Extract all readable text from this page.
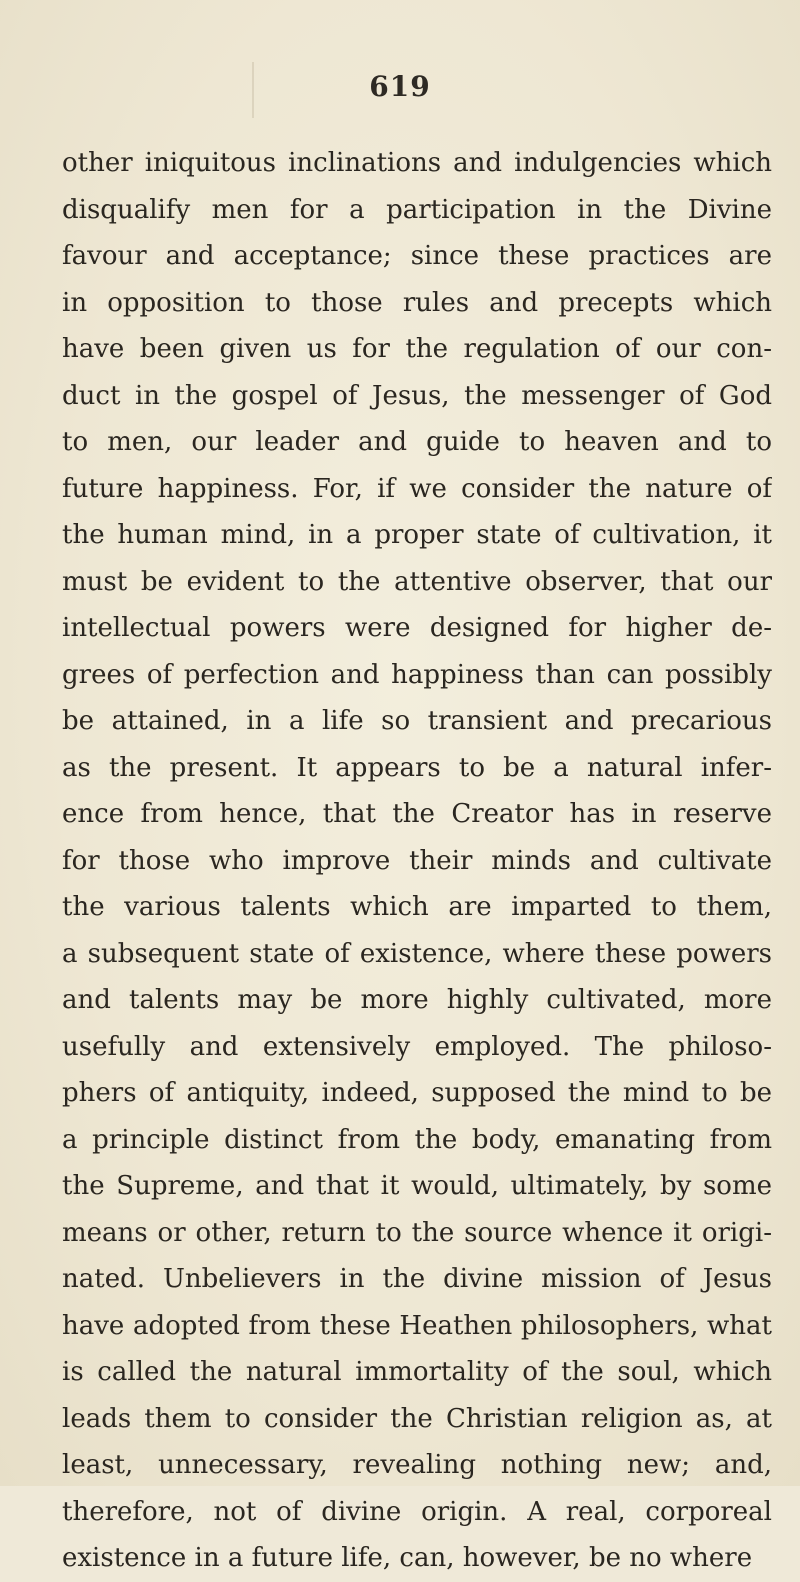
619
other iniquitous inclinations and indulgencies which
disqualify men for a participation in the Divine
favour and acceptance; since these practices are
in opposition to those rules and precepts which
have been given us for the regulation of our con-
duct in the gospel of Jesus, the messenger of God
to men, our leader and guide to heaven and to
future happiness. For, if we consider the nature of
the human mind, in a proper state of cultivation, it
must be evident to the attentive observer, that our
intellectual powers were designed for higher de-
grees of perfection and happiness than can possibly
be attained, in a life so transient and precarious
as the present. It appears to be a natural infer-
ence from hence, that the Creator has in reserve
for those who improve their minds and cultivate
the various talents which are imparted to them,
a subsequent state of existence, where these powers
and talents may be more highly cultivated, more
usefully and extensively employed. The philoso-
phers of antiquity, indeed, supposed the mind to be
a principle distinct from the body, emanating from
the Supreme, and that it would, ultimately, by some
means or other, return to the source whence it origi-
nated. Unbelievers in the divine mission of Jesus
have adopted from these Heathen philosophers, what
is called the natural immortality of the soul, which
leads them to consider the Christian religion as, at
least, unnecessary, revealing nothing new; and,
therefore, not of divine origin. A real, corporeal
existence in a future life, can, however, be no where
